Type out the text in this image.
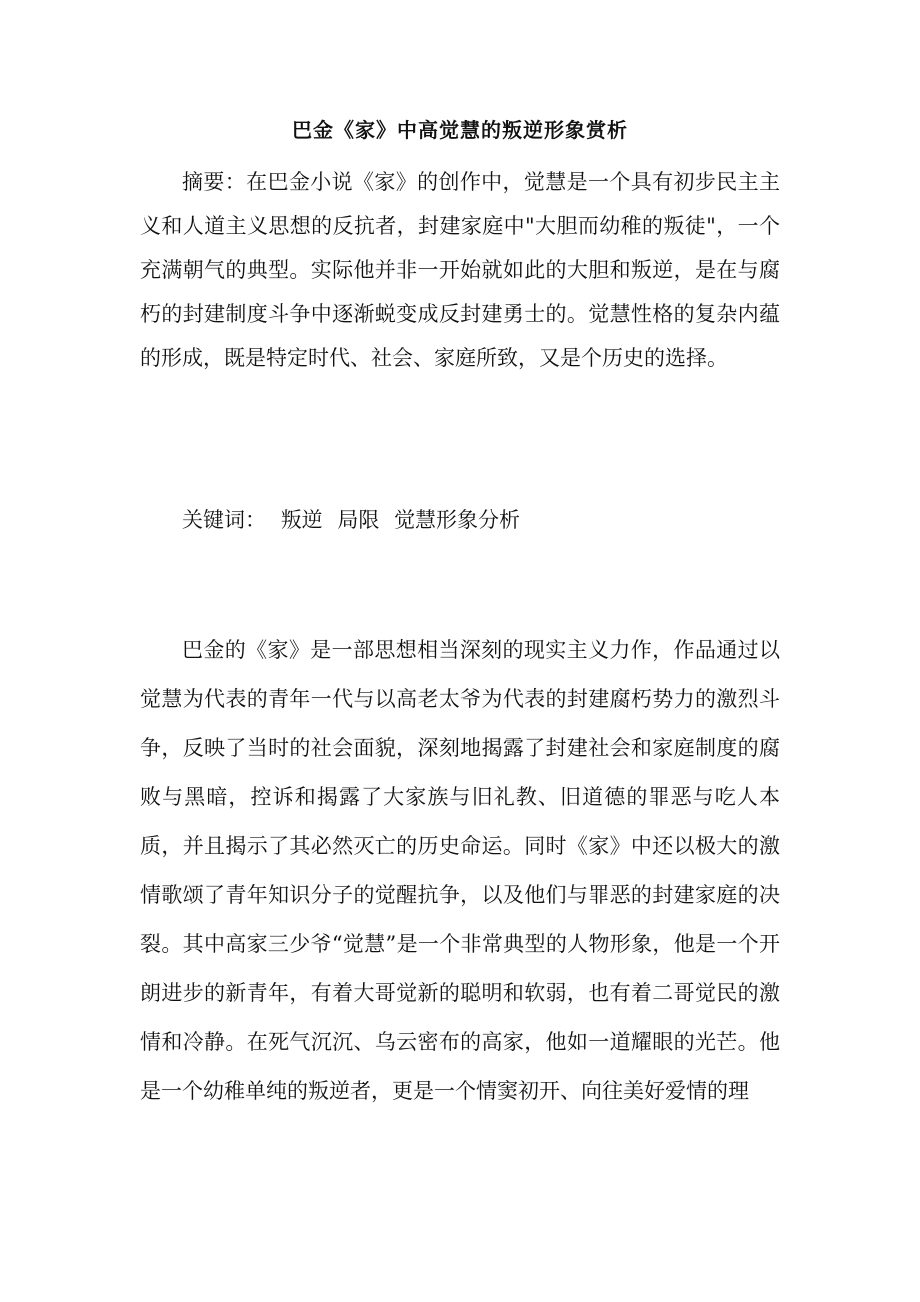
巴金《家》中高觉慧的叛逆形象赏析

摘要：在巴金小说《家》的创作中，觉慧是一个具有初步民主主义和人道主义思想的反抗者，封建家庭中"大胆而幼稚的叛徒"，一个充满朝气的典型。实际他并非一开始就如此的大胆和叛逆，是在与腐朽的封建制度斗争中逐渐蜕变成反封建勇士的。觉慧性格的复杂内蕴的形成，既是特定时代、社会、家庭所致，又是个历史的选择。

关键词： 叛逆 局限 觉慧形象分析

巴金的《家》是一部思想相当深刻的现实主义力作，作品通过以觉慧为代表的青年一代与以高老太爷为代表的封建腐朽势力的激烈斗争，反映了当时的社会面貌，深刻地揭露了封建社会和家庭制度的腐败与黑暗，控诉和揭露了大家族与旧礼教、旧道德的罪恶与吃人本质，并且揭示了其必然灭亡的历史命运。同时《家》中还以极大的激情歌颂了青年知识分子的觉醒抗争，以及他们与罪恶的封建家庭的决裂。其中高家三少爷“觉慧”是一个非常典型的人物形象，他是一个开朗进步的新青年，有着大哥觉新的聪明和软弱，也有着二哥觉民的激情和冷静。在死气沉沉、乌云密布的高家，他如一道耀眼的光芒。他是一个幼稚单纯的叛逆者，更是一个情窦初开、向往美好爱情的理
